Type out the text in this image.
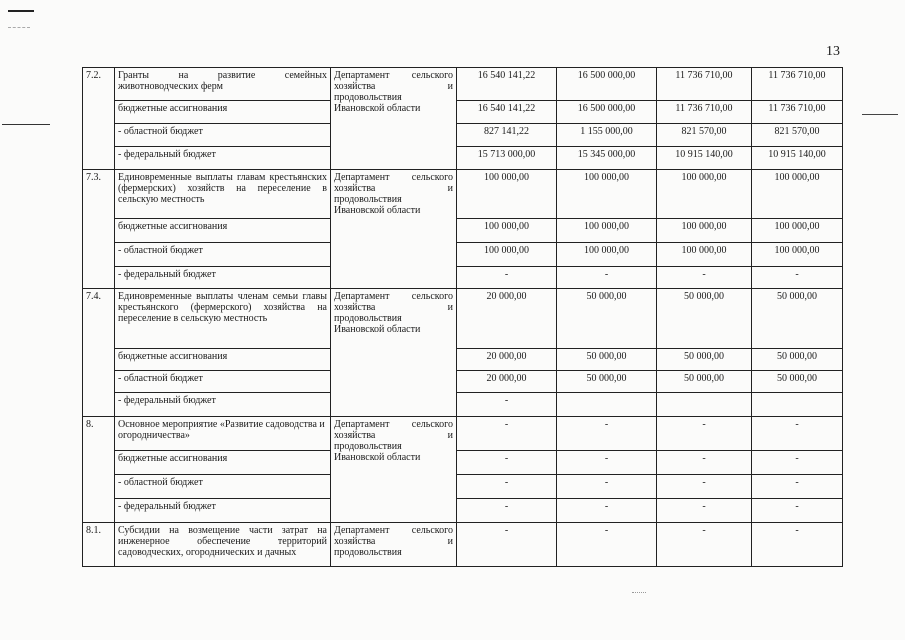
13
7.2.	Гранты на развитие семейных животноводческих ферм	Департамент сельского хозяйства и продовольствия Ивановской области	16 540 141,22	16 500 000,00	11 736 710,00	11 736 710,00
	бюджетные ассигнования		16 540 141,22	16 500 000,00	11 736 710,00	11 736 710,00
	- областной бюджет		827 141,22	1 155 000,00	821 570,00	821 570,00
	- федеральный бюджет		15 713 000,00	15 345 000,00	10 915 140,00	10 915 140,00
7.3.	Единовременные выплаты главам крестьянских (фермерских) хозяйств на переселение в сельскую местность	Департамент сельского хозяйства и продовольствия Ивановской области	100 000,00	100 000,00	100 000,00	100 000,00
	бюджетные ассигнования		100 000,00	100 000,00	100 000,00	100 000,00
	- областной бюджет		100 000,00	100 000,00	100 000,00	100 000,00
	- федеральный бюджет		-	-	-	-
7.4.	Единовременные выплаты членам семьи главы крестьянского (фермерского) хозяйства на переселение в сельскую местность	Департамент сельского хозяйства и продовольствия Ивановской области	20 000,00	50 000,00	50 000,00	50 000,00
	бюджетные ассигнования		20 000,00	50 000,00	50 000,00	50 000,00
	- областной бюджет		20 000,00	50 000,00	50 000,00	50 000,00
	- федеральный бюджет		-			
8.	Основное мероприятие «Развитие садоводства и огородничества»	Департамент сельского хозяйства и продовольствия Ивановской области	-	-	-	-
	бюджетные ассигнования		-	-	-	-
	- областной бюджет		-	-	-	-
	- федеральный бюджет		-	-	-	-
8.1.	Субсидии на возмещение части затрат на инженерное обеспечение территорий садоводческих, огороднических и дачных	Департамент сельского хозяйства и продовольствия	-	-	-	-
